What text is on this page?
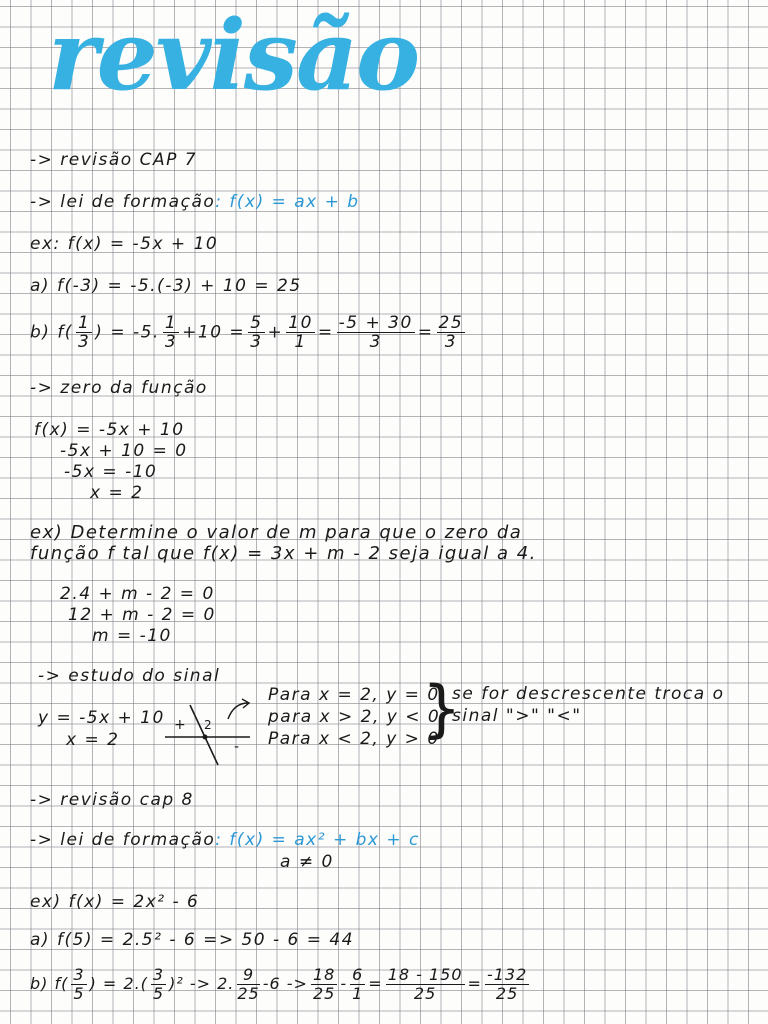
revisão
-> revisão CAP 7
-> lei de formação: f(x) = ax + b
ex: f(x) = -5x + 10
a) f(-3) = -5.(-3) + 10 = 25
b) $f( \frac{1}{3}$ ) = -5. $\frac{1}{3} +10 = \frac{5}{3} + \frac{10}{1} = \frac{-5 + 30}{3} = \frac{25}{3}$
-> zero da função
f(x) = -5x + 10
-5x + 10 = 0
-5x = -10
x = 2
ex) Determine o valor de m para que o zero da
função f tal que f(x) = 3x + m - 2 seja igual a 4.
2.4 + m - 2 = 0
12 + m - 2 = 0
m = -10
-> estudo do sinal
y = -5x + 10
x = 2
+ 2
-
Para x = 2, y = 0
para x > 2, y < 0
Para x < 2, y > 0
}
se for descrescente troca o
sinal ">" "<"
-> revisão cap 8
-> lei de formação: f(x) = ax² + bx + c
a ≠ 0
ex) f(x) = 2x² - 6
a) f(5) = 2.5² - 6 => 50 - 6 = 44
b) $f( \frac{3}{5}$ ) = $2.( \frac{3}{5} )^2 -> 2$. $\frac{9}{25} -6 -> \frac{18}{25} - \frac{6}{1} = \frac{18 - 150}{25} = \frac{-132}{25}$
